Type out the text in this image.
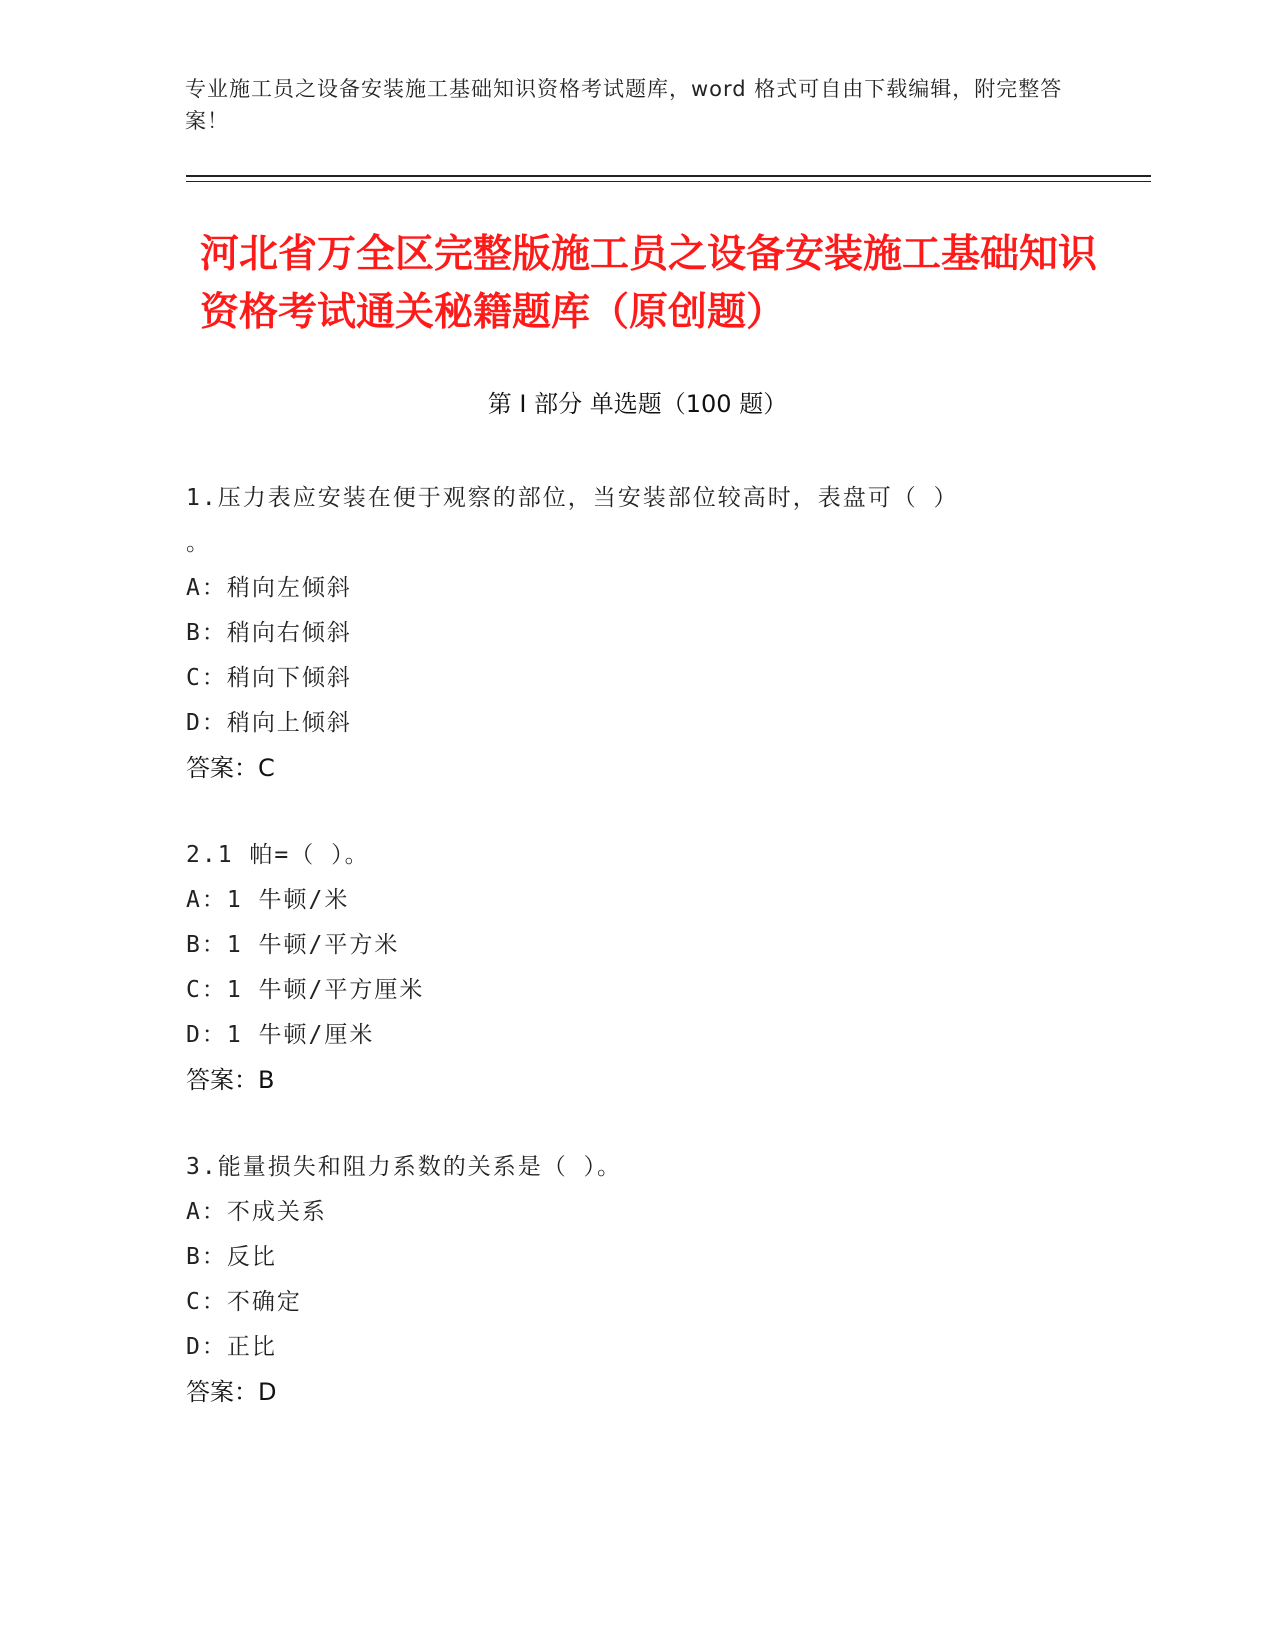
专业施工员之设备安装施工基础知识资格考试题库，word 格式可自由下载编辑，附完整答案！
河北省万全区完整版施工员之设备安装施工基础知识资格考试通关秘籍题库（原创题）
第 I 部分 单选题（100 题）
1.压力表应安装在便于观察的部位，当安装部位较高时，表盘可（ ）
。
A：稍向左倾斜
B：稍向右倾斜
C：稍向下倾斜
D：稍向上倾斜
答案：C
2.1 帕=（ ）。
A：1 牛顿/米
B：1 牛顿/平方米
C：1 牛顿/平方厘米
D：1 牛顿/厘米
答案：B
3.能量损失和阻力系数的关系是（ ）。
A：不成关系
B：反比
C：不确定
D：正比
答案：D
